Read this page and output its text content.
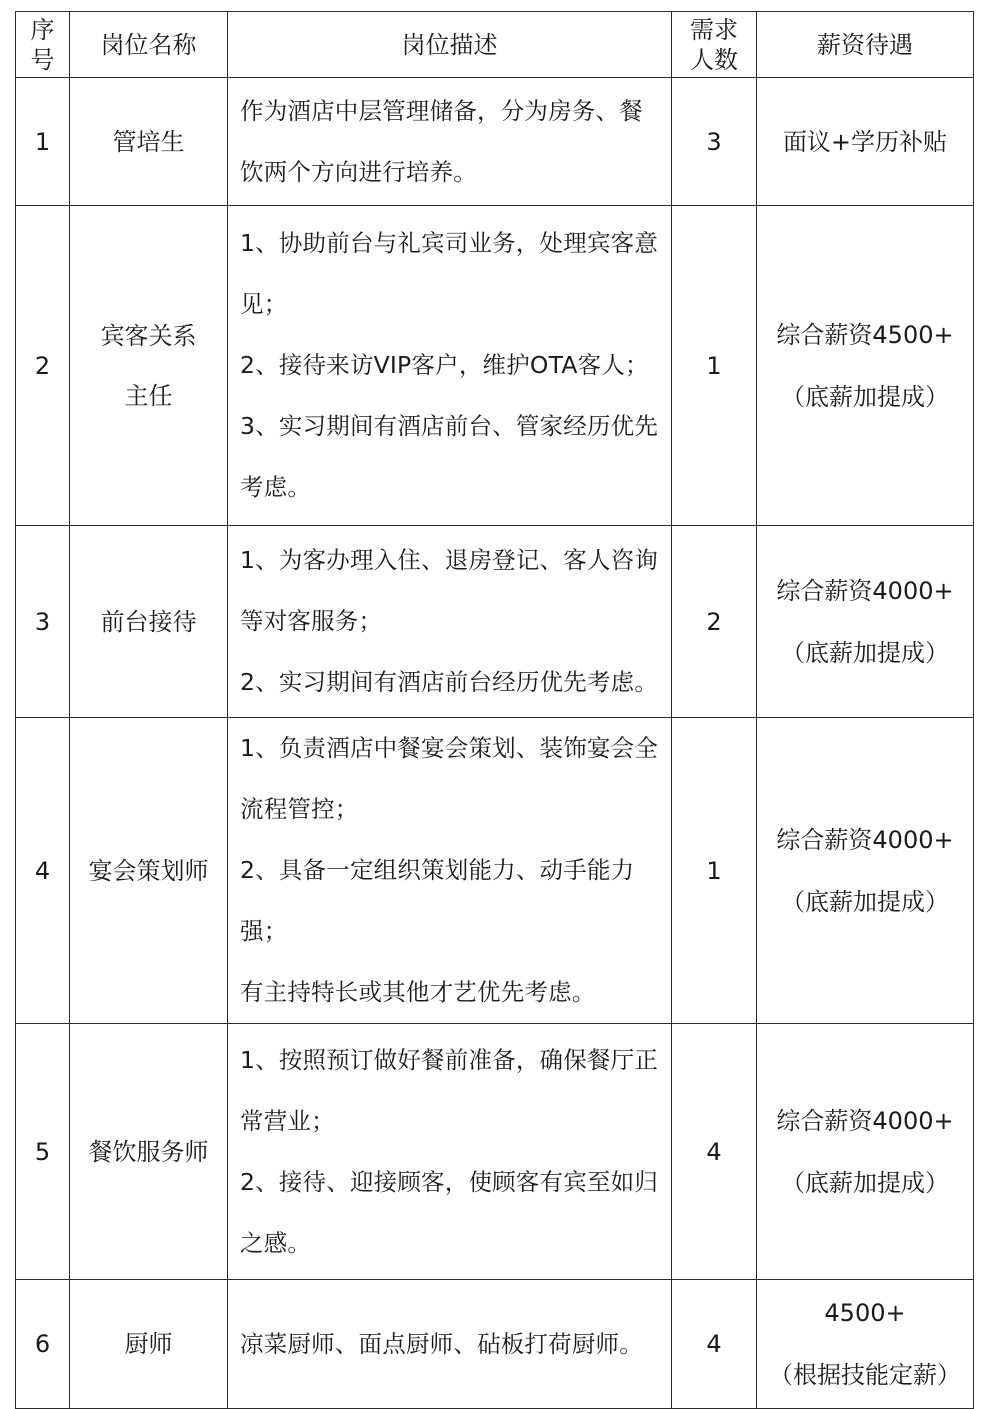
序
号	岗位名称	岗位描述	需求
人数	薪资待遇
1	管培生	作为酒店中层管理储备，分为房务、餐
饮两个方向进行培养。	3	面议+学历补贴

2	宾客关系
主任	1、协助前台与礼宾司业务，处理宾客意
见；
2、接待来访VIP客户，维护OTA客人；
3、实习期间有酒店前台、管家经历优先
考虑。	1	综合薪资4500+
（底薪加提成）

3	前台接待	1、为客办理入住、退房登记、客人咨询
等对客服务；
2、实习期间有酒店前台经历优先考虑。	2	综合薪资4000+
（底薪加提成）

4	宴会策划师	1、负责酒店中餐宴会策划、装饰宴会全
流程管控；
2、具备一定组织策划能力、动手能力强；
有主持特长或其他才艺优先考虑。	1	综合薪资4000+
（底薪加提成）

5	餐饮服务师	1、按照预订做好餐前准备，确保餐厅正
常营业；
2、接待、迎接顾客，使顾客有宾至如归
之感。	4	综合薪资4000+
（底薪加提成）

6	厨师	凉菜厨师、面点厨师、砧板打荷厨师。	4	4500+
（根据技能定薪）
